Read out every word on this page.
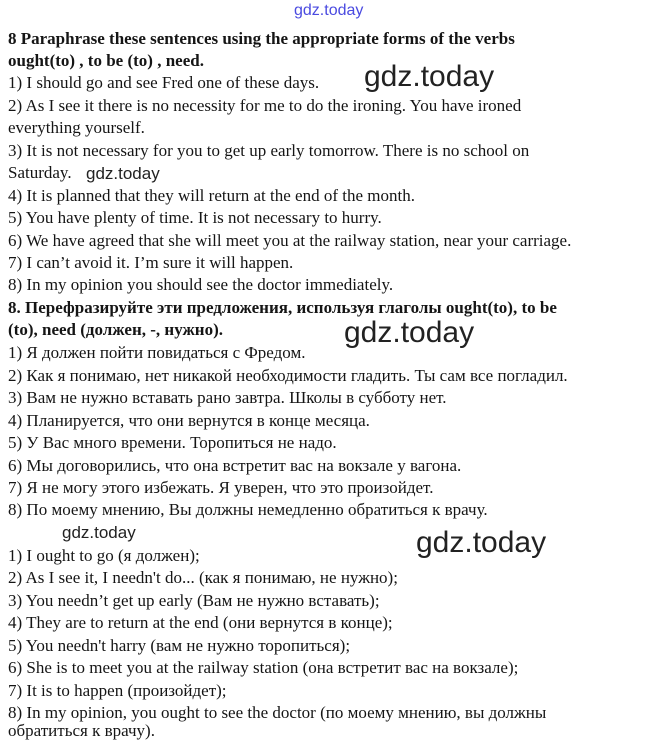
gdz.today
8 Paraphrase these sentences using the appropriate forms of the verbs
ought(to) , to be (to) , need.
1) I should go and see Fred one of these days.
2) As I see it there is no necessity for me to do the ironing. You have ironed
everything yourself.
3) It is not necessary for you to get up early tomorrow. There is no school on
Saturday.
4) It is planned that they will return at the end of the month.
5) You have plenty of time. It is not necessary to hurry.
6) We have agreed that she will meet you at the railway station, near your carriage.
7) I can’t avoid it. I’m sure it will happen.
8) In my opinion you should see the doctor immediately.
8. Перефразируйте эти предложения, используя глаголы ought(to), to be
(to), need (должен, -, нужно).
1) Я должен пойти повидаться с Фредом.
2) Как я понимаю, нет никакой необходимости гладить. Ты сам все погладил.
3) Вам не нужно вставать рано завтра. Школы в субботу нет.
4) Планируется, что они вернутся в конце месяца.
5) У Вас много времени. Торопиться не надо.
6) Мы договорились, что она встретит вас на вокзале у вагона.
7) Я не могу этого избежать. Я уверен, что это произойдет.
8) По моему мнению, Вы должны немедленно обратиться к врачу.
1) I ought to go (я должен);
2) As I see it, I needn't do... (как я понимаю, не нужно);
3) You needn’t get up early (Вам не нужно вставать);
4) They are to return at the end (они вернутся в конце);
5) You needn't harry (вам не нужно торопиться);
6) She is to meet you at the railway station (она встретит вас на вокзале);
7) It is to happen (произойдет);
8) In my opinion, you ought to see the doctor (по моему мнению, вы должны
обратиться к врачу).
gdz.today
gdz.today
gdz.today
gdz.today	gdz.today
